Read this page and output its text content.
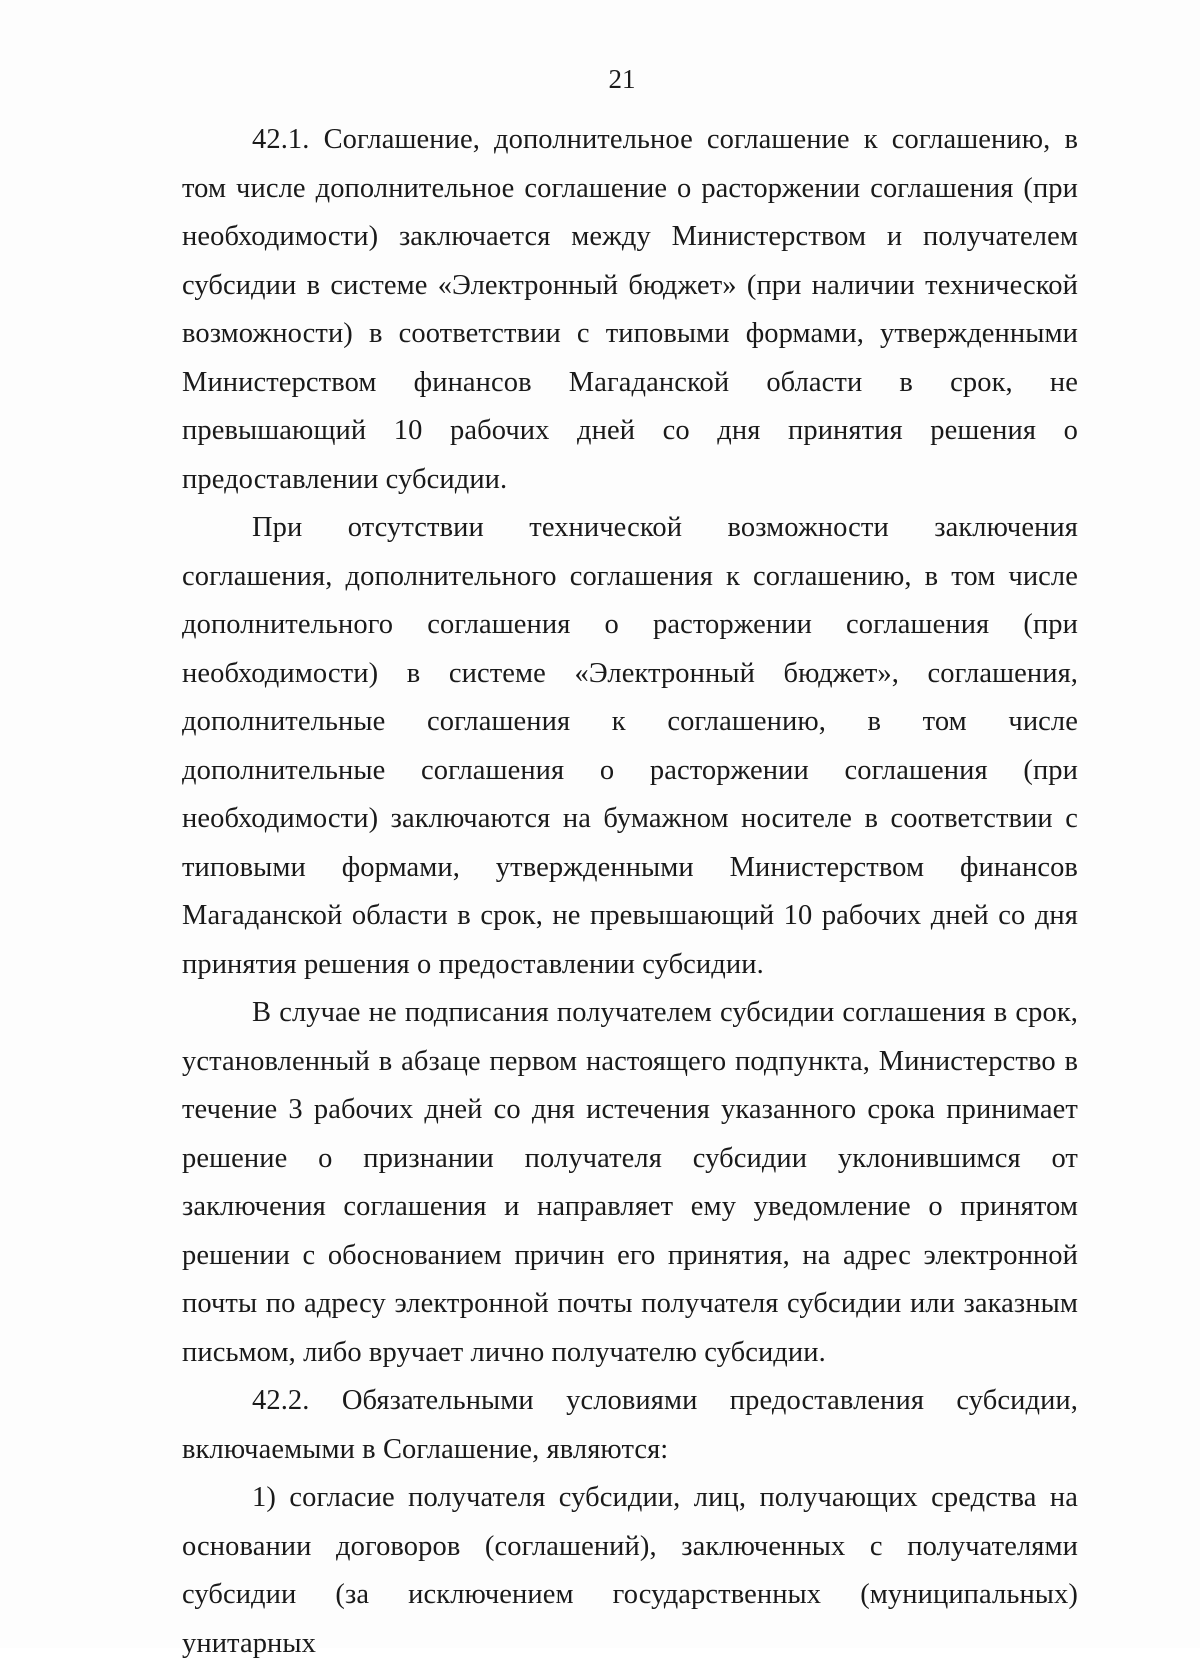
21

42.1. Соглашение, дополнительное соглашение к соглашению, в том числе дополнительное соглашение о расторжении соглашения (при необходимости) заключается между Министерством и получателем субсидии в системе «Электронный бюджет» (при наличии технической возможности) в соответствии с типовыми формами, утвержденными Министерством финансов Магаданской области в срок, не превышающий 10 рабочих дней со дня принятия решения о предоставлении субсидии.

При отсутствии технической возможности заключения соглашения, дополнительного соглашения к соглашению, в том числе дополнительного соглашения о расторжении соглашения (при необходимости) в системе «Электронный бюджет», соглашения, дополнительные соглашения к соглашению, в том числе дополнительные соглашения о расторжении соглашения (при необходимости) заключаются на бумажном носителе в соответствии с типовыми формами, утвержденными Министерством финансов Магаданской области в срок, не превышающий 10 рабочих дней со дня принятия решения о предоставлении субсидии.

В случае не подписания получателем субсидии соглашения в срок, установленный в абзаце первом настоящего подпункта, Министерство в течение 3 рабочих дней со дня истечения указанного срока принимает решение о признании получателя субсидии уклонившимся от заключения соглашения и направляет ему уведомление о принятом решении с обоснованием причин его принятия, на адрес электронной почты по адресу электронной почты получателя субсидии или заказным письмом, либо вручает лично получателю субсидии.

42.2. Обязательными условиями предоставления субсидии, включаемыми в Соглашение, являются:

1) согласие получателя субсидии, лиц, получающих средства на основании договоров (соглашений), заключенных с получателями субсидии (за исключением государственных (муниципальных) унитарных
